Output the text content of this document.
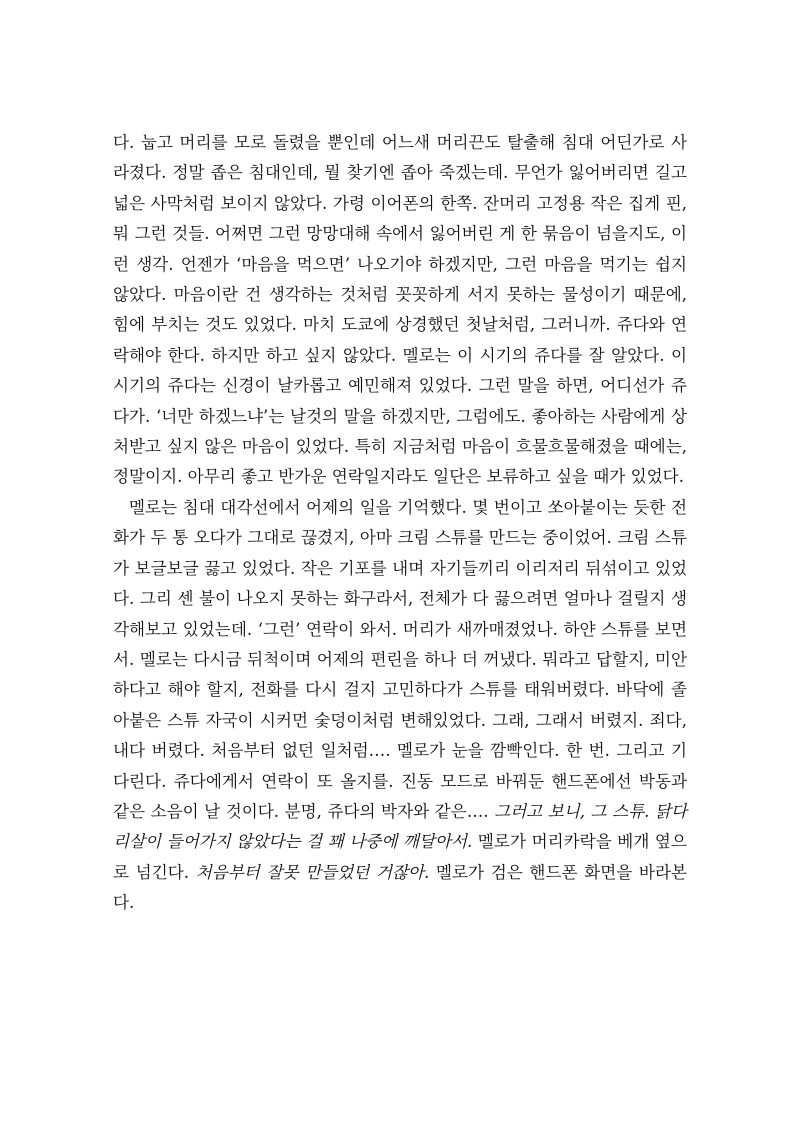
다. 눕고 머리를 모로 돌렸을 뿐인데 어느새 머리끈도 탈출해 침대 어딘가로 사라졌다. 정말 좁은 침대인데, 뭘 찾기엔 좁아 죽겠는데. 무언가 잃어버리면 길고 넓은 사막처럼 보이지 않았다. 가령 이어폰의 한쪽. 잔머리 고정용 작은 집게 핀, 뭐 그런 것들. 어쩌면 그런 망망대해 속에서 잃어버린 게 한 묶음이 넘을지도, 이런 생각. 언젠가 ‘마음을 먹으면’ 나오기야 하겠지만, 그런 마음을 먹기는 쉽지 않았다. 마음이란 건 생각하는 것처럼 꼿꼿하게 서지 못하는 물성이기 때문에, 힘에 부치는 것도 있었다. 마치 도쿄에 상경했던 첫날처럼, 그러니까. 쥬다와 연락해야 한다. 하지만 하고 싶지 않았다. 멜로는 이 시기의 쥬다를 잘 알았다. 이 시기의 쥬다는 신경이 날카롭고 예민해져 있었다. 그런 말을 하면, 어디선가 쥬다가. ‘너만 하겠느냐’는 날것의 말을 하겠지만, 그럼에도. 좋아하는 사람에게 상처받고 싶지 않은 마음이 있었다. 특히 지금처럼 마음이 흐물흐물해졌을 때에는, 정말이지. 아무리 좋고 반가운 연락일지라도 일단은 보류하고 싶을 때가 있었다.

멜로는 침대 대각선에서 어제의 일을 기억했다. 몇 번이고 쏘아붙이는 듯한 전화가 두 통 오다가 그대로 끊겼지, 아마 크림 스튜를 만드는 중이었어. 크림 스튜가 보글보글 끓고 있었다. 작은 기포를 내며 자기들끼리 이리저리 뒤섞이고 있었다. 그리 센 불이 나오지 못하는 화구라서, 전체가 다 끓으려면 얼마나 걸릴지 생각해보고 있었는데. ‘그런’ 연락이 와서. 머리가 새까매졌었나. 하얀 스튜를 보면서. 멜로는 다시금 뒤척이며 어제의 편린을 하나 더 꺼냈다. 뭐라고 답할지, 미안하다고 해야 할지, 전화를 다시 걸지 고민하다가 스튜를 태워버렸다. 바닥에 졸아붙은 스튜 자국이 시커먼 숯덩이처럼 변해있었다. 그래, 그래서 버렸지. 죄다, 내다 버렸다. 처음부터 없던 일처럼…. 멜로가 눈을 깜빡인다. 한 번. 그리고 기다린다. 쥬다에게서 연락이 또 올지를. 진동 모드로 바꿔둔 핸드폰에선 박동과 같은 소음이 날 것이다. 분명, 쥬다의 박자와 같은…. 그러고 보니, 그 스튜. 닭다리살이 들어가지 않았다는 걸 꽤 나중에 깨달아서. 멜로가 머리카락을 베개 옆으로 넘긴다. 처음부터 잘못 만들었던 거잖아. 멜로가 검은 핸드폰 화면을 바라본다.
